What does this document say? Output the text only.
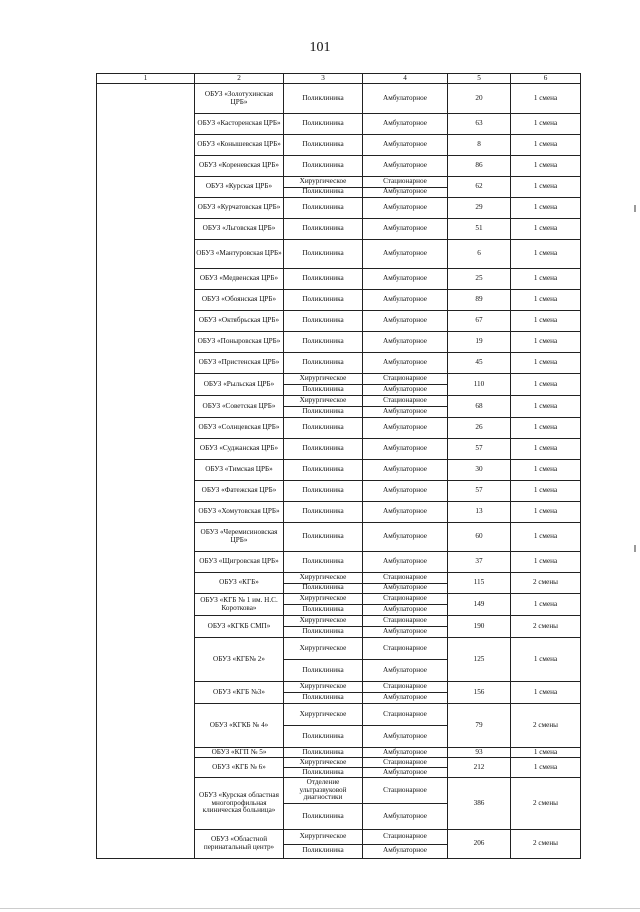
101
1	2	3	4	5	6
	ОБУЗ «Золотухинская ЦРБ»	Поликлиника	Амбулаторное	20	1 смена
	ОБУЗ «Касторенская ЦРБ»	Поликлиника	Амбулаторное	63	1 смена
	ОБУЗ «Конышевская ЦРБ»	Поликлиника	Амбулаторное	8	1 смена
	ОБУЗ «Кореневская ЦРБ»	Поликлиника	Амбулаторное	86	1 смена
	ОБУЗ «Курская ЦРБ»	Хирургическое	Стационарное	62	1 смена
		Поликлиника	Амбулаторное		
	ОБУЗ «Курчатовская ЦРБ»	Поликлиника	Амбулаторное	29	1 смена
	ОБУЗ «Льговская ЦРБ»	Поликлиника	Амбулаторное	51	1 смена
	ОБУЗ «Мантуровская ЦРБ»	Поликлиника	Амбулаторное	6	1 смена
	ОБУЗ «Медвенская ЦРБ»	Поликлиника	Амбулаторное	25	1 смена
	ОБУЗ «Обоянская ЦРБ»	Поликлиника	Амбулаторное	89	1 смена
	ОБУЗ «Октябрьская ЦРБ»	Поликлиника	Амбулаторное	67	1 смена
	ОБУЗ «Поныровская ЦРБ»	Поликлиника	Амбулаторное	19	1 смена
	ОБУЗ «Пристенская ЦРБ»	Поликлиника	Амбулаторное	45	1 смена
	ОБУЗ «Рыльская ЦРБ»	Хирургическое	Стационарное	110	1 смена
		Поликлиника	Амбулаторное		
	ОБУЗ «Советская ЦРБ»	Хирургическое	Стационарное	68	1 смена
		Поликлиника	Амбулаторное		
	ОБУЗ «Солнцевская ЦРБ»	Поликлиника	Амбулаторное	26	1 смена
	ОБУЗ «Суджанская ЦРБ»	Поликлиника	Амбулаторное	57	1 смена
	ОБУЗ «Тимская ЦРБ»	Поликлиника	Амбулаторное	30	1 смена
	ОБУЗ «Фатежская ЦРБ»	Поликлиника	Амбулаторное	57	1 смена
	ОБУЗ «Хомутовская ЦРБ»	Поликлиника	Амбулаторное	13	1 смена
	ОБУЗ «Черемисиновская ЦРБ»	Поликлиника	Амбулаторное	60	1 смена
	ОБУЗ «Щигровская ЦРБ»	Поликлиника	Амбулаторное	37	1 смена
	ОБУЗ «КГБ»	Хирургическое	Стационарное	115	2 смены
		Поликлиника	Амбулаторное		
	ОБУЗ «КГБ № 1 им. Н.С. Короткова»	Хирургическое	Стационарное	149	1 смена
		Поликлиника	Амбулаторное		
	ОБУЗ «КГКБ СМП»	Хирургическое	Стационарное	190	2 смены
		Поликлиника	Амбулаторное		
	ОБУЗ «КГБ№ 2»	Хирургическое	Стационарное	125	1 смена
		Поликлиника	Амбулаторное		
	ОБУЗ «КГБ №3»	Хирургическое	Стационарное	156	1 смена
		Поликлиника	Амбулаторное		
	ОБУЗ «КГКБ № 4»	Хирургическое	Стационарное	79	2 смены
		Поликлиника	Амбулаторное		
	ОБУЗ «КГП № 5»	Поликлиника	Амбулаторное	93	1 смена
	ОБУЗ «КГБ № 6»	Хирургическое	Стационарное	212	1 смена
		Поликлиника	Амбулаторное		
	ОБУЗ «Курская областная многопрофильная клиническая больница»	Отделение ультразвуковой диагностики	Стационарное	386	2 смены
		Поликлиника	Амбулаторное		
	ОБУЗ «Областной перинатальный центр»	Хирургическое	Стационарное	206	2 смены
		Поликлиника	Амбулаторное		
